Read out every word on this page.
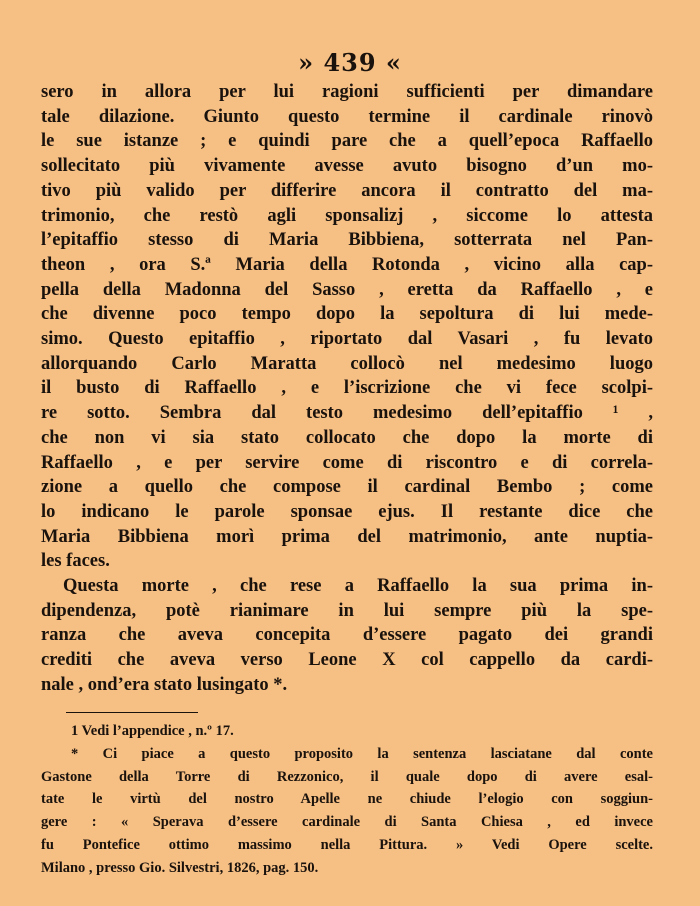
» 439 «
sero in allora per lui ragioni sufficienti per dimandare
tale dilazione. Giunto questo termine il cardinale rinovò
le sue istanze ; e quindi pare che a quell’epoca Raffaello
sollecitato più vivamente avesse avuto bisogno d’un mo-
tivo più valido per differire ancora il contratto del ma-
trimonio, che restò agli sponsalizj , siccome lo attesta
l’epitaffio stesso di Maria Bibbiena, sotterrata nel Pan-
theon , ora S.ª Maria della Rotonda , vicino alla cap-
pella della Madonna del Sasso , eretta da Raffaello , e
che divenne poco tempo dopo la sepoltura di lui mede-
simo. Questo epitaffio , riportato dal Vasari , fu levato
allorquando Carlo Maratta collocò nel medesimo luogo
il busto di Raffaello , e l’iscrizione che vi fece scolpi-
re sotto. Sembra dal testo medesimo dell’epitaffio ¹ ,
che non vi sia stato collocato che dopo la morte di
Raffaello , e per servire come di riscontro e di correla-
zione a quello che compose il cardinal Bembo ; come
lo indicano le parole sponsae ejus. Il restante dice che
Maria Bibbiena morì prima del matrimonio, ante nuptia-
les faces.
Questa morte , che rese a Raffaello la sua prima in-
dipendenza, potè rianimare in lui sempre più la spe-
ranza che aveva concepita d’essere pagato dei grandi
crediti che aveva verso Leone X col cappello da cardi-
nale , ond’era stato lusingato *.
1 Vedi l’appendice , n.º 17.
* Ci piace a questo proposito la sentenza lasciatane dal conte
Gastone della Torre di Rezzonico, il quale dopo di avere esal-
tate le virtù del nostro Apelle ne chiude l’elogio con soggiun-
gere : « Sperava d’essere cardinale di Santa Chiesa , ed invece
fu Pontefice ottimo massimo nella Pittura. » Vedi Opere scelte.
Milano , presso Gio. Silvestri, 1826, pag. 150.
